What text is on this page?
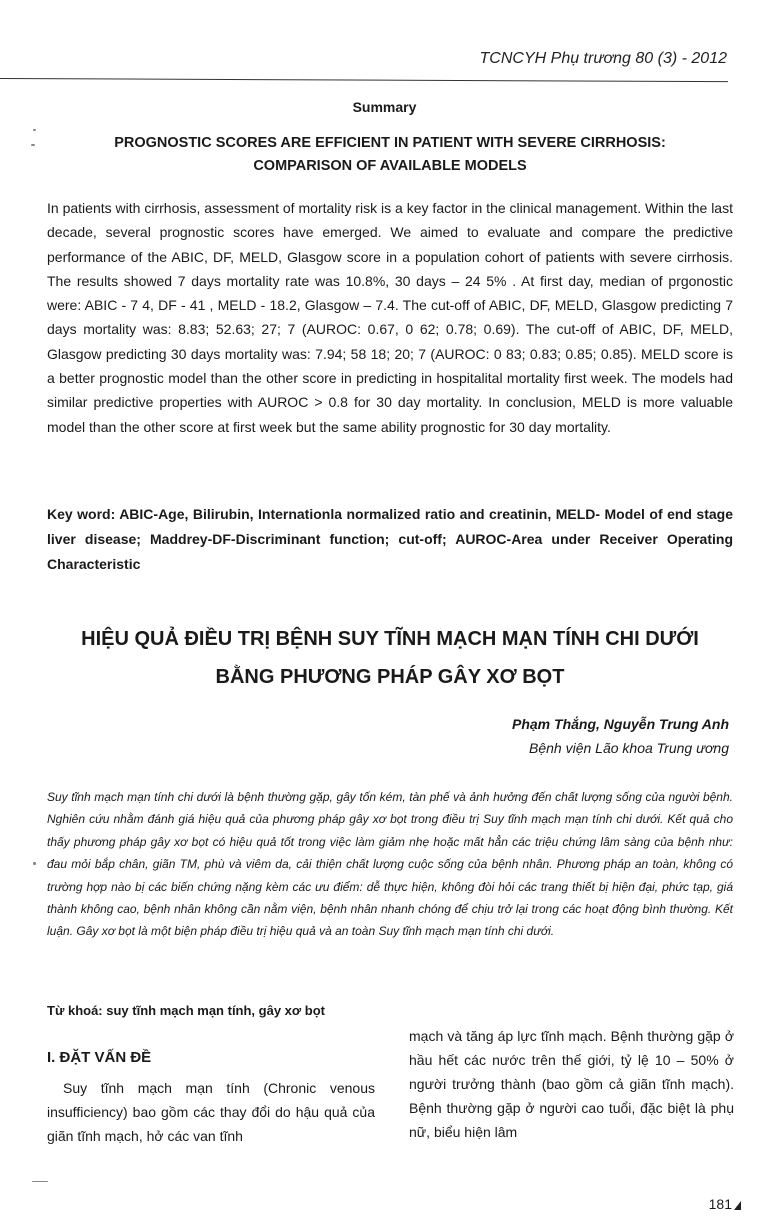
TCNCYH Phụ trương 80 (3) - 2012
Summary
PROGNOSTIC SCORES ARE EFFICIENT IN PATIENT WITH SEVERE CIRRHOSIS:
COMPARISON OF AVAILABLE MODELS

In patients with cirrhosis, assessment of mortality risk is a key factor in the clinical management. Within the last decade, several prognostic scores have emerged. We aimed to evaluate and compare the predictive performance of the ABIC, DF, MELD, Glasgow score in a population cohort of patients with severe cirrhosis. The results showed 7 days mortality rate was 10.8%, 30 days – 24 5% . At first day, median of prgonostic were: ABIC - 7 4, DF - 41 , MELD - 18.2, Glasgow – 7.4. The cut-off of ABIC, DF, MELD, Glasgow predicting 7 days mortality was: 8.83; 52.63; 27; 7 (AUROC: 0.67, 0 62; 0.78; 0.69). The cut-off of ABIC, DF, MELD, Glasgow predicting 30 days mortality was: 7.94; 58 18; 20; 7 (AUROC: 0 83; 0.83; 0.85; 0.85). MELD score is a better prognostic model than the other score in predicting in hospitalital mortality first week. The models had similar predictive properties with AUROC > 0.8 for 30 day mortality. In conclusion, MELD is more valuable model than the other score at first week but the same ability prognostic for 30 day mortality.

Key word: ABIC-Age, Bilirubin, Internationla normalized ratio and creatinin, MELD- Model of end stage liver disease; Maddrey-DF-Discriminant function; cut-off; AUROC-Area under Receiver Operating Characteristic

HIỆU QUẢ ĐIỀU TRỊ BỆNH SUY TĨNH MẠCH MẠN TÍNH CHI DƯỚI
BẰNG PHƯƠNG PHÁP GÂY XƠ BỌT
Phạm Thắng, Nguyễn Trung Anh
Bệnh viện Lão khoa Trung ương

Suy tĩnh mạch mạn tính chi dưới là bệnh thường gặp, gây tốn kém, tàn phế và ảnh hưởng đến chất lượng sống của người bệnh. Nghiên cứu nhằm đánh giá hiệu quả của phương pháp gây xơ bọt trong điều trị Suy tĩnh mạch mạn tính chi dưới. Kết quả cho thấy phương pháp gây xơ bọt có hiệu quả tốt trong việc làm giảm nhẹ hoặc mất hẳn các triệu chứng lâm sàng của bệnh như: đau mỏi bắp chân, giãn TM, phù và viêm da, cải thiện chất lượng cuộc sống của bệnh nhân. Phương pháp an toàn, không có trường hợp nào bị các biến chứng nặng kèm các ưu điểm: dễ thực hiện, không đòi hỏi các trang thiết bị hiện đại, phức tạp, giá thành không cao, bệnh nhân không cần nằm viện, bệnh nhân nhanh chóng để chịu trở lại trong các hoạt động bình thường. Kết luận. Gây xơ bọt là một biện pháp điều trị hiệu quả và an toàn Suy tĩnh mạch mạn tính chi dưới.

Từ khoá: suy tĩnh mạch mạn tính, gây xơ bọt
I. ĐẶT VẤN ĐỀ

Suy tĩnh mạch mạn tính (Chronic venous insufficiency) bao gồm các thay đổi do hậu quả của giãn tĩnh mạch, hở các van tĩnh

mạch và tăng áp lực tĩnh mạch. Bệnh thường gặp ở hầu hết các nước trên thế giới, tỷ lệ 10 – 50% ở người trưởng thành (bao gồm cả giãn tĩnh mạch). Bệnh thường gặp ở người cao tuổi, đặc biệt là phụ nữ, biểu hiện lâm

181
